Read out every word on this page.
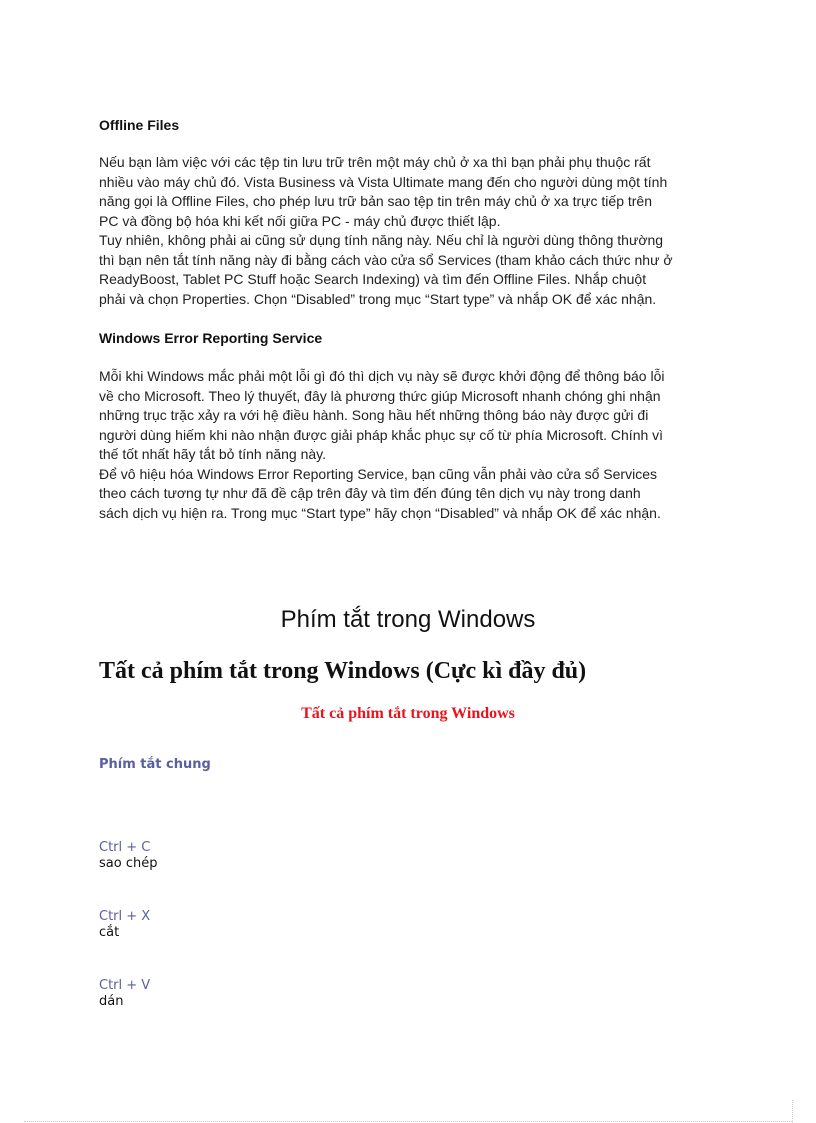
Offline Files
Nếu bạn làm việc với các tệp tin lưu trữ trên một máy chủ ở xa thì bạn phải phụ thuộc rất
nhiều vào máy chủ đó. Vista Business và Vista Ultimate mang đến cho người dùng một tính
năng gọi là Offline Files, cho phép lưu trữ bản sao tệp tin trên máy chủ ở xa trực tiếp trên
PC và đồng bộ hóa khi kết nối giữa PC - máy chủ được thiết lập.
Tuy nhiên, không phải ai cũng sử dụng tính năng này. Nếu chỉ là người dùng thông thường
thì bạn nên tắt tính năng này đi bằng cách vào cửa sổ Services (tham khảo cách thức như ở
ReadyBoost, Tablet PC Stuff hoặc Search Indexing) và tìm đến Offline Files. Nhắp chuột
phải và chọn Properties. Chọn “Disabled” trong mục “Start type” và nhắp OK để xác nhận.
Windows Error Reporting Service
Mỗi khi Windows mắc phải một lỗi gì đó thì dịch vụ này sẽ được khởi động để thông báo lỗi
về cho Microsoft. Theo lý thuyết, đây là phương thức giúp Microsoft nhanh chóng ghi nhận
những trục trặc xảy ra với hệ điều hành. Song hầu hết những thông báo này được gửi đi
người dùng hiếm khi nào nhận được giải pháp khắc phục sự cố từ phía Microsoft. Chính vì
thế tốt nhất hãy tắt bỏ tính năng này.
Để vô hiệu hóa Windows Error Reporting Service, bạn cũng vẫn phải vào cửa sổ Services
theo cách tương tự như đã đề cập trên đây và tìm đến đúng tên dịch vụ này trong danh
sách dịch vụ hiện ra. Trong mục “Start type” hãy chọn “Disabled” và nhắp OK để xác nhận.
Phím tắt trong Windows
Tất cả phím tắt trong Windows (Cực kì đầy đủ)
Tất cả phím tắt trong Windows
Phím tắt chung
Ctrl + C
sao chép
Ctrl + X
cắt
Ctrl + V
dán
